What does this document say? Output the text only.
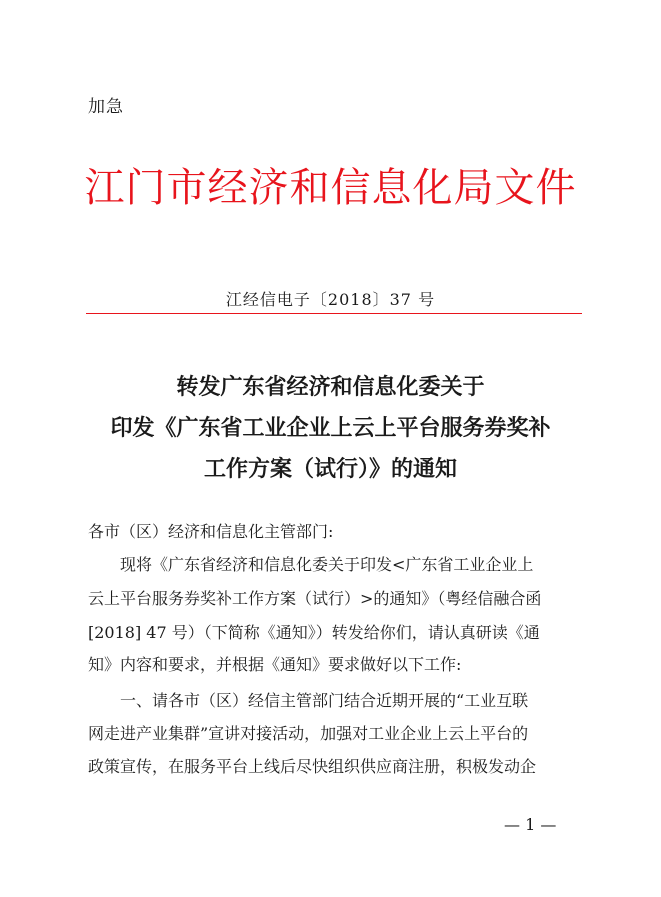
加急
江门市经济和信息化局文件
江经信电子〔2018〕37 号
转发广东省经济和信息化委关于
印发《广东省工业企业上云上平台服务券奖补
工作方案（试行）》的通知
各市（区）经济和信息化主管部门:
现将《广东省经济和信息化委关于印发<广东省工业企业上
云上平台服务券奖补工作方案（试行）>的通知》（粤经信融合函
[2018] 47 号）（下简称《通知》）转发给你们，请认真研读《通
知》内容和要求，并根据《通知》要求做好以下工作:
一、请各市（区）经信主管部门结合近期开展的“工业互联
网走进产业集群”宣讲对接活动，加强对工业企业上云上平台的
政策宣传，在服务平台上线后尽快组织供应商注册，积极发动企
— 1 —
